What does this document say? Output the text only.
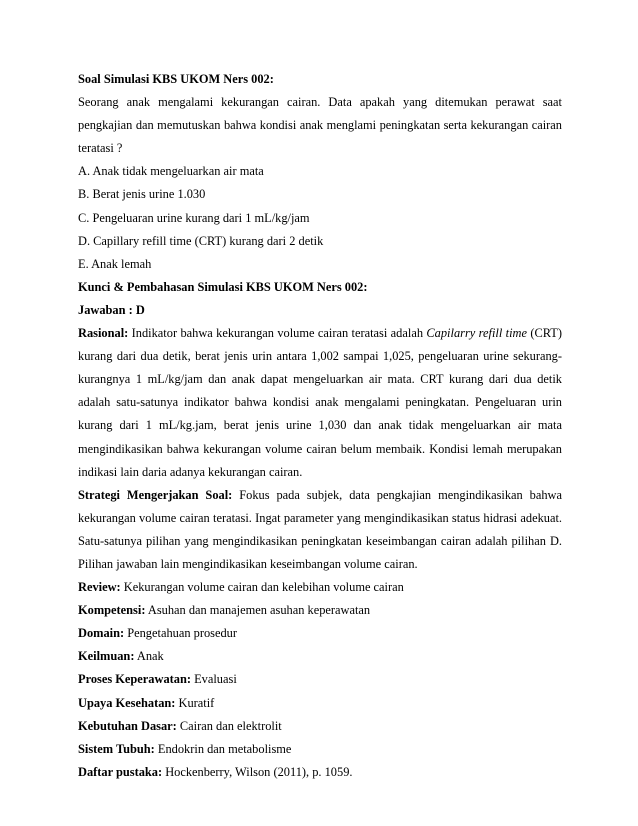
Soal Simulasi KBS UKOM Ners 002:

Seorang anak mengalami kekurangan cairan. Data apakah yang ditemukan perawat saat pengkajian dan memutuskan bahwa kondisi anak menglami peningkatan serta kekurangan cairan teratasi ?

A. Anak tidak mengeluarkan air mata

B. Berat jenis urine 1.030

C. Pengeluaran urine kurang dari 1 mL/kg/jam

D. Capillary refill time (CRT) kurang dari 2 detik

E. Anak lemah

Kunci & Pembahasan Simulasi KBS UKOM Ners 002:

Jawaban : D

Rasional: Indikator bahwa kekurangan volume cairan teratasi adalah Capilarry refill time (CRT) kurang dari dua detik, berat jenis urin antara 1,002 sampai 1,025, pengeluaran urine sekurang-kurangnya 1 mL/kg/jam dan anak dapat mengeluarkan air mata. CRT kurang dari dua detik adalah satu-satunya indikator bahwa kondisi anak mengalami peningkatan. Pengeluaran urin kurang dari 1 mL/kg.jam, berat jenis urine 1,030 dan anak tidak mengeluarkan air mata mengindikasikan bahwa kekurangan volume cairan belum membaik. Kondisi lemah merupakan indikasi lain daria adanya kekurangan cairan.

Strategi Mengerjakan Soal: Fokus pada subjek, data pengkajian mengindikasikan bahwa kekurangan volume cairan teratasi. Ingat parameter yang mengindikasikan status hidrasi adekuat. Satu-satunya pilihan yang mengindikasikan peningkatan keseimbangan cairan adalah pilihan D. Pilihan jawaban lain mengindikasikan keseimbangan volume cairan.

Review: Kekurangan volume cairan dan kelebihan volume cairan

Kompetensi: Asuhan dan manajemen asuhan keperawatan

Domain: Pengetahuan prosedur

Keilmuan: Anak

Proses Keperawatan: Evaluasi

Upaya Kesehatan: Kuratif

Kebutuhan Dasar: Cairan dan elektrolit

Sistem Tubuh: Endokrin dan metabolisme

Daftar pustaka: Hockenberry, Wilson (2011), p. 1059.
